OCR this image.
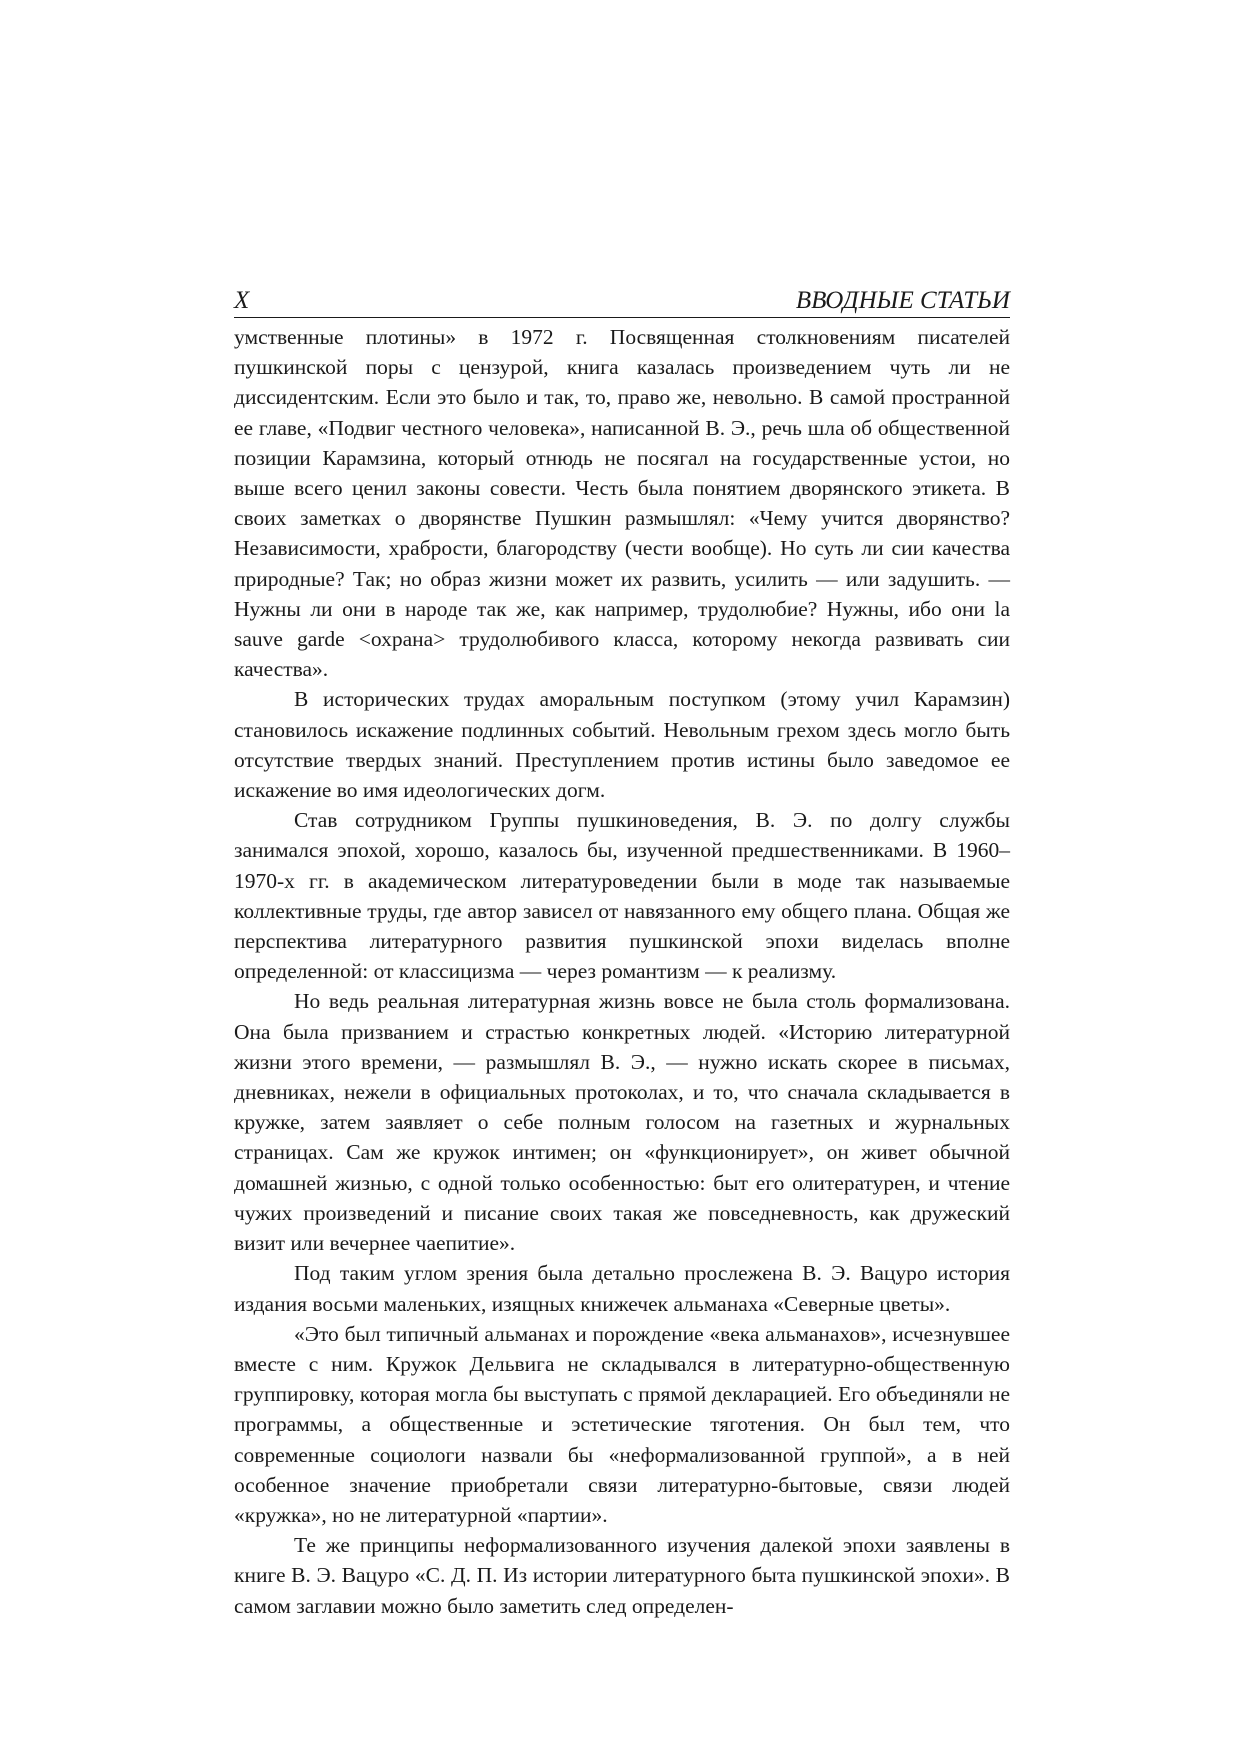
X	ВВОДНЫЕ СТАТЬИ

умственные плотины» в 1972 г. Посвященная столкновениям писателей пушкинской поры с цензурой, книга казалась произведением чуть ли не диссидентским. Если это было и так, то, право же, невольно. В самой пространной ее главе, «Подвиг честного человека», написанной В. Э., речь шла об общественной позиции Карамзина, который отнюдь не посягал на государственные устои, но выше всего ценил законы совести. Честь была понятием дворянского этикета. В своих заметках о дворянстве Пушкин размышлял: «Чему учится дворянство? Независимости, храбрости, благородству (чести вообще). Но суть ли сии качества природные? Так; но образ жизни может их развить, усилить — или задушить. — Нужны ли они в народе так же, как например, трудолюбие? Нужны, ибо они la sauve garde <охрана> трудолюбивого класса, которому некогда развивать сии качества».

В исторических трудах аморальным поступком (этому учил Карамзин) становилось искажение подлинных событий. Невольным грехом здесь могло быть отсутствие твердых знаний. Преступлением против истины было заведомое ее искажение во имя идеологических догм.

Став сотрудником Группы пушкиноведения, В. Э. по долгу службы занимался эпохой, хорошо, казалось бы, изученной предшественниками. В 1960–1970-х гг. в академическом литературоведении были в моде так называемые коллективные труды, где автор зависел от навязанного ему общего плана. Общая же перспектива литературного развития пушкинской эпохи виделась вполне определенной: от классицизма — через романтизм — к реализму.

Но ведь реальная литературная жизнь вовсе не была столь формализована. Она была призванием и страстью конкретных людей. «Историю литературной жизни этого времени, — размышлял В. Э., — нужно искать скорее в письмах, дневниках, нежели в официальных протоколах, и то, что сначала складывается в кружке, затем заявляет о себе полным голосом на газетных и журнальных страницах. Сам же кружок интимен; он «функционирует», он живет обычной домашней жизнью, с одной только особенностью: быт его олитературен, и чтение чужих произведений и писание своих такая же повседневность, как дружеский визит или вечернее чаепитие».

Под таким углом зрения была детально прослежена В. Э. Вацуро история издания восьми маленьких, изящных книжечек альманаха «Северные цветы».

«Это был типичный альманах и порождение «века альманахов», исчезнувшее вместе с ним. Кружок Дельвига не складывался в литературно-общественную группировку, которая могла бы выступать с прямой декларацией. Его объединяли не программы, а общественные и эстетические тяготения. Он был тем, что современные социологи назвали бы «неформализованной группой», а в ней особенное значение приобретали связи литературно-бытовые, связи людей «кружка», но не литературной «партии».

Те же принципы неформализованного изучения далекой эпохи заявлены в книге В. Э. Вацуро «С. Д. П. Из истории литературного быта пушкинской эпохи». В самом заглавии можно было заметить след определен-
